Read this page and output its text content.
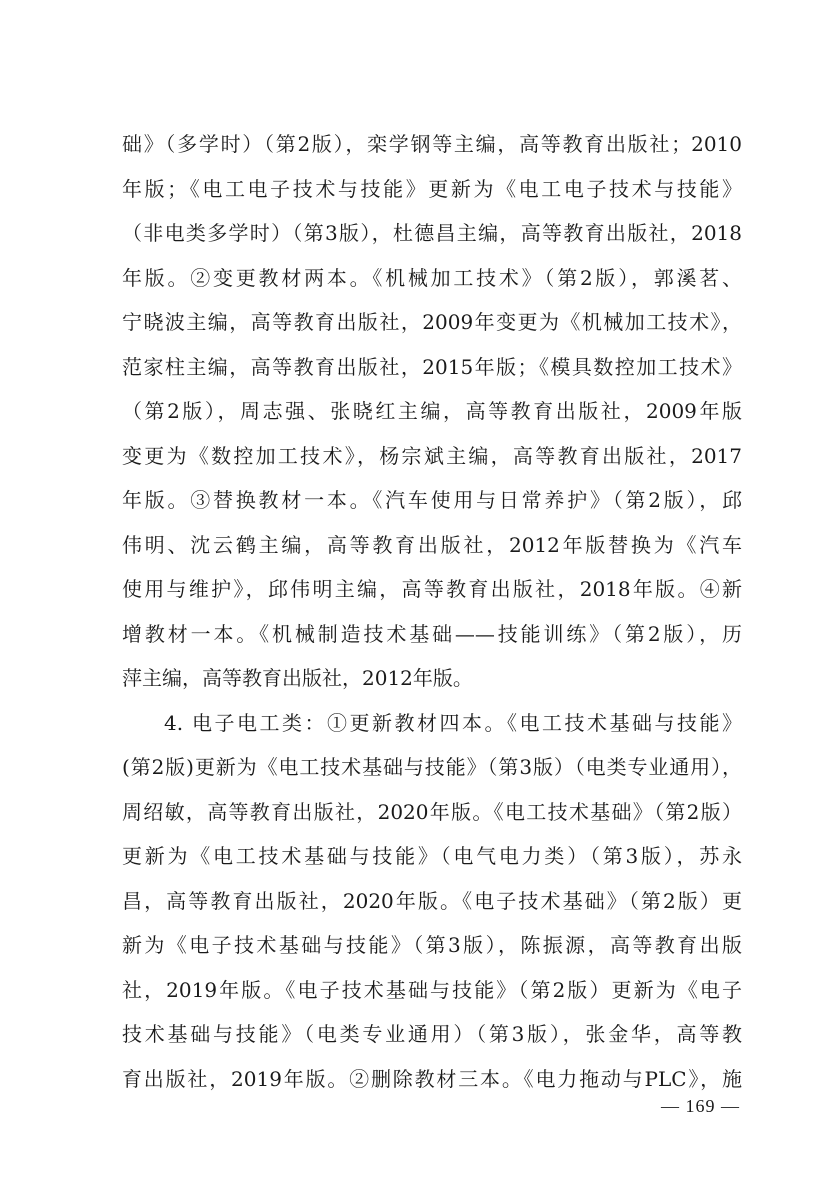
础》（多学时）（第2版），栾学钢等主编，高等教育出版社；2010
年版；《电工电子技术与技能》更新为《电工电子技术与技能》
（非电类多学时）（第3版），杜德昌主编，高等教育出版社，2018
年版。②变更教材两本。《机械加工技术》（第2版），郭溪茗、
宁晓波主编，高等教育出版社，2009年变更为《机械加工技术》，
范家柱主编，高等教育出版社，2015年版；《模具数控加工技术》
（第2版），周志强、张晓红主编，高等教育出版社，2009年版
变更为《数控加工技术》，杨宗斌主编，高等教育出版社，2017
年版。③替换教材一本。《汽车使用与日常养护》（第2版），邱
伟明、沈云鹤主编，高等教育出版社，2012年版替换为《汽车
使用与维护》，邱伟明主编，高等教育出版社，2018年版。④新
增教材一本。《机械制造技术基础——技能训练》（第2版），历
萍主编，高等教育出版社，2012年版。
4. 电子电工类：①更新教材四本。《电工技术基础与技能》
(第2版)更新为《电工技术基础与技能》（第3版）（电类专业通用），
周绍敏，高等教育出版社，2020年版。《电工技术基础》（第2版）
更新为《电工技术基础与技能》（电气电力类）（第3版），苏永
昌，高等教育出版社，2020年版。《电子技术基础》（第2版）更
新为《电子技术基础与技能》（第3版），陈振源，高等教育出版
社，2019年版。《电子技术基础与技能》（第2版）更新为《电子
技术基础与技能》（电类专业通用）（第3版），张金华，高等教
育出版社，2019年版。②删除教材三本。《电力拖动与PLC》，施
— 169 —
